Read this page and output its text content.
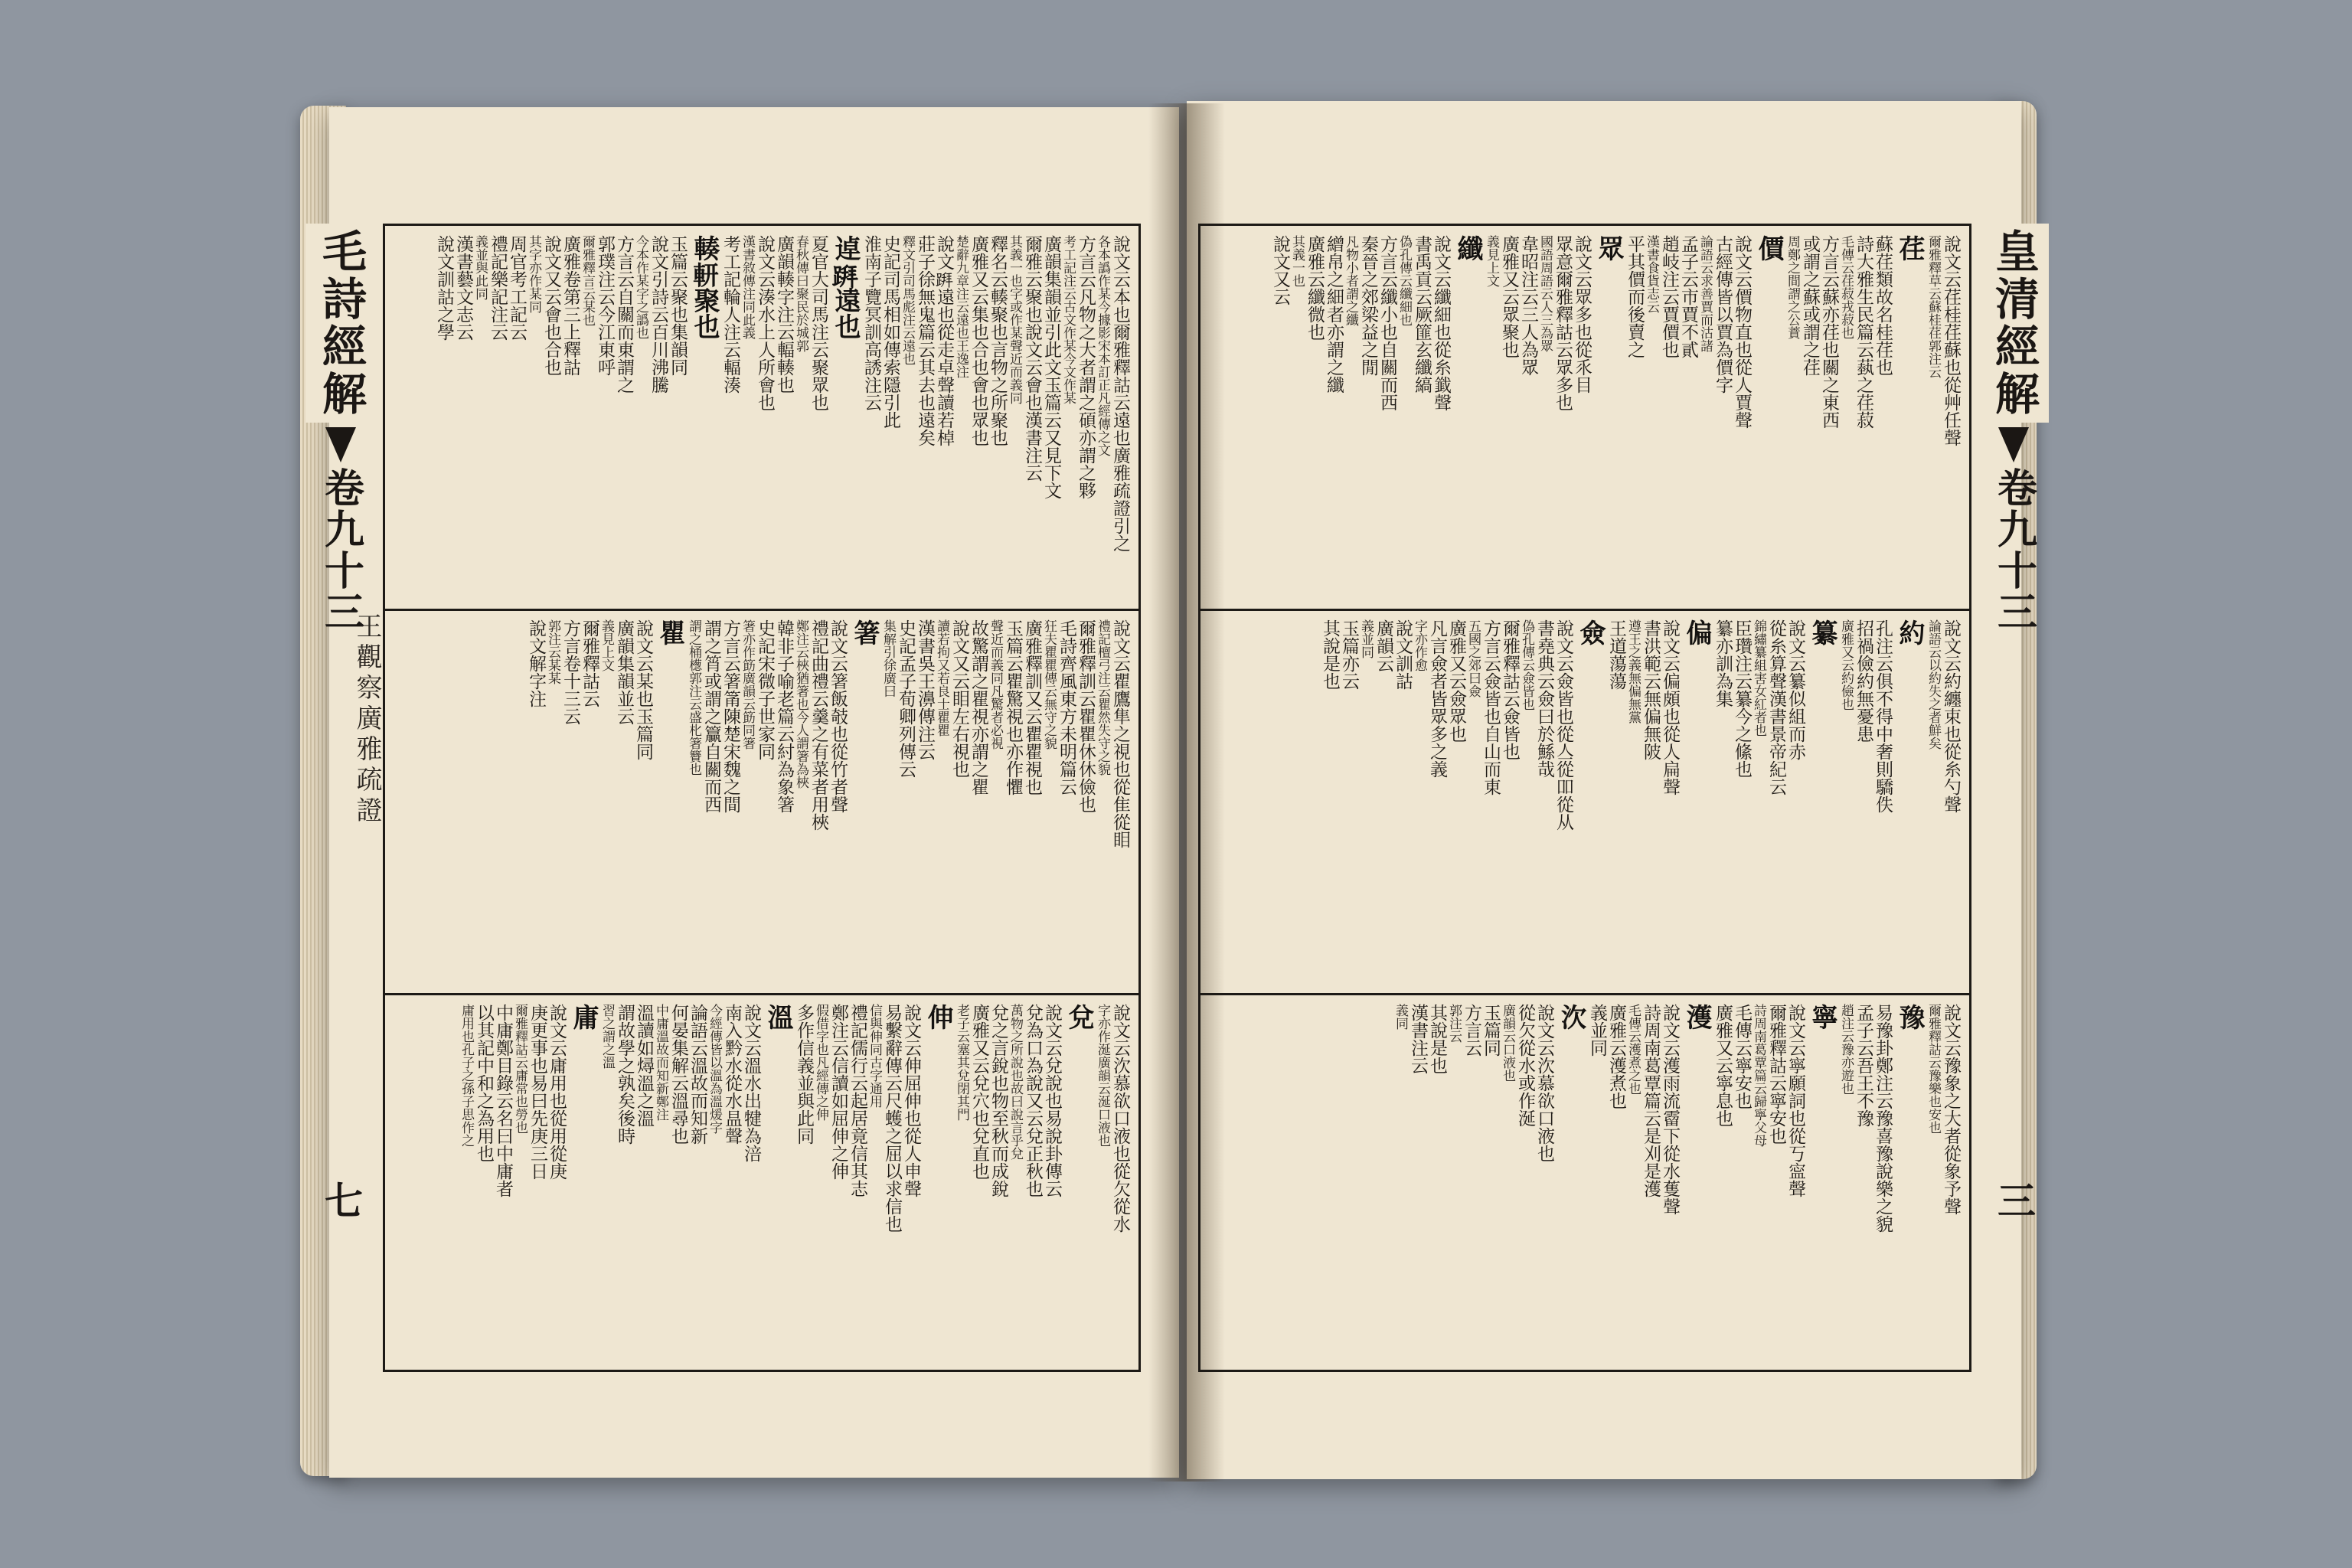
毛詩經解
卷九十三
七
王觀察廣雅疏證
皇清經解
卷九十三
三
說文云本也爾雅釋詁云遠也廣雅疏證引之
各本譌作某今據影宋本訂正凡經傳之文
方言云凡物之大者謂之碩亦謂之夥
考工記注云古文作某今文作某
廣韻集韻並引此文玉篇云又見下文
爾雅云聚也說文云會也漢書注云
其義一也字或作某聲近而義同
釋名云輳聚也言物之所聚也
廣雅又云集也合也會也眾也
楚辭九章注云遠也王逸注
說文𨃅遠也從走卓聲讀若棹
莊子徐無鬼篇云其去也遠矣
釋文引司馬彪注云遠也
史記司馬相如傳索隱引此
淮南子覽冥訓高誘注云
逴𨃅遠也
夏官大司馬注云聚眾也
春秋傳曰聚民於城郭
廣韻輳字注云輻輳也
說文云湊水上人所會也
漢書敘傳注同此義
考工記輪人注云輻湊
輳𨊻聚也
玉篇云聚也集韻同
說文引詩云百川沸騰
今本作某字之譌也
方言云自關而東謂之
郭璞注云今江東呼
爾雅釋言云某也
廣雅卷第三上釋詁
說文又云會也合也
其字亦作某同
周官考工記云
禮記樂記注云
義並與此同
漢書藝文志云
說文訓詁之學
說文云瞿鷹隼之視也從隹從䀠
禮記檀弓注云瞿然失守之貌
爾雅釋訓云瞿瞿休休儉也
毛詩齊風東方未明篇云
狂夫瞿瞿傳云無守之貌
廣雅釋訓又云瞿瞿視也
玉篇云瞿驚視也亦作懼
聲近而義同凡驚者必視
故驚謂之瞿視亦謂之瞿
說文又云䀠左右視也
讀若拘又若良士瞿瞿
漢書吳王濞傳注云
史記孟子荀卿列傳云
集解引徐廣曰
箸
說文云箸飯攲也從竹者聲
禮記曲禮云羹之有菜者用梜
鄭注云梜猶箸也今人謂箸為梜
韓非子喻老篇云紂為象箸
史記宋微子世家同
箸亦作筯廣韻云筯同箸
方言云箸筩陳楚宋魏之間
謂之筲或謂之籯自關而西
謂之桶檧郭注云盛朼箸籫也
瞿
說文云某也玉篇同
廣韻集韻並云
義見上文
爾雅釋詁云
方言卷十三云
郭注云某某
說文解字注
說文云㳄慕欲口液也從欠從水
字亦作涎廣韻云涎口液也
兌
說文云兌說也易說卦傳云
兌為口為說又云兌正秋也
萬物之所說也故曰說言乎兌
兌之言銳也物至秋而成銳
廣雅又云兌穴也兌直也
老子云塞其兌閉其門
伸
說文云伸屈伸也從人申聲
易繫辭傳云尺蠖之屈以求信也
信與伸同古字通用
禮記儒行云起居竟信其志
鄭注云信讀如屈伸之伸
假借字也凡經傳之伸
多作信義並與此同
溫
說文云溫水出犍為涪
南入黔水從水昷聲
今經傳皆以溫為溫煖字
論語云溫故而知新
何晏集解云溫尋也
中庸溫故而知新鄭注
溫讀如燖溫之溫
謂故學之孰矣後時
習之謂之溫
庸
說文云庸用也從用從庚
庚更事也易曰先庚三日
爾雅釋詁云庸常也勞也
中庸鄭目錄云名曰中庸者
以其記中和之為用也
庸用也孔子之孫子思作之
說文云荏桂荏蘇也從艸任聲
爾雅釋草云蘇桂荏郭注云
荏
蘇荏類故名桂荏也
詩大雅生民篇云蓺之荏菽
毛傳云荏菽戎菽也
方言云蘇亦荏也關之東西
或謂之蘇或謂之荏
周鄭之間謂之公蕡
價
說文云價物直也從人賈聲
古經傳皆以賈為價字
論語云求善賈而沽諸
孟子云市賈不貳
趙岐注云賈價也
漢書食貨志云
平其價而後賣之
眾
說文云眾多也從乑目
眾意爾雅釋詁云眾多也
國語周語云人三為眾
韋昭注云三人為眾
廣雅又云眾聚也
義見上文
纖
說文云纖細也從糸韱聲
書禹貢云厥篚玄纖縞
偽孔傳云纖細也
方言云纖小也自關而西
秦晉之郊梁益之閒
凡物小者謂之纖
繒帛之細者亦謂之纖
廣雅云纖微也
其義一也
說文又云
說文云約纏束也從糸勺聲
論語云以約失之者鮮矣
約
孔注云俱不得中奢則驕佚
招禍儉約無憂患
廣雅又云約儉也
纂
說文云纂似組而赤
從糸算聲漢書景帝紀云
錦繡纂組害女紅者也
臣瓚注云纂今之絛也
纂亦訓為集
偏
說文云偏頗也從人扁聲
書洪範云無偏無陂
遵王之義無偏無黨
王道蕩蕩
僉
說文云僉皆也從亼從吅從从
書堯典云僉曰於鯀哉
偽孔傳云僉皆也
爾雅釋詁云僉皆也
方言云僉皆也自山而東
五國之郊曰僉
廣雅又云僉眾也
凡言僉者皆眾多之義
字亦作愈
說文訓詁
廣韻云
義並同
玉篇亦云
其說是也
說文云豫象之大者從象予聲
爾雅釋詁云豫樂也安也
豫
易豫卦鄭注云豫喜豫說樂之貌
孟子云吾王不豫
趙注云豫亦遊也
寧
說文云寧願詞也從丂寍聲
爾雅釋詁云寧安也
詩周南葛覃篇云歸寧父母
毛傳云寧安也
廣雅又云寧息也
濩
說文云濩雨流霤下從水蒦聲
詩周南葛覃篇云是刈是濩
毛傳云濩煮之也
廣雅云濩煮也
義並同
㳄
說文云㳄慕欲口液也
從欠從水或作涎
廣韻云口液也
玉篇同
方言云
郭注云
其說是也
漢書注云
義同
